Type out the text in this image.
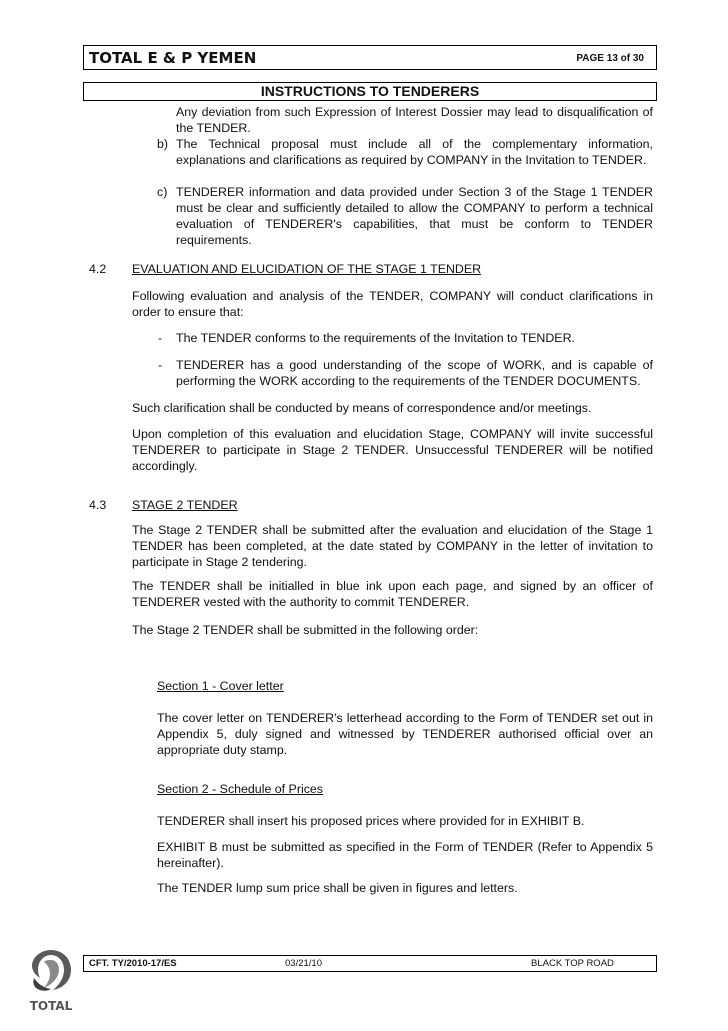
TOTAL E & P YEMEN	PAGE 13 of 30
INSTRUCTIONS TO TENDERERS
Any deviation from such Expression of Interest Dossier may lead to disqualification of the TENDER.
b) The Technical proposal must include all of the complementary information, explanations and clarifications as required by COMPANY in the Invitation to TENDER.
c) TENDERER information and data provided under Section 3 of the Stage 1 TENDER must be clear and sufficiently detailed to allow the COMPANY to perform a technical evaluation of TENDERER's capabilities, that must be conform to TENDER requirements.
4.2 EVALUATION AND ELUCIDATION OF THE STAGE 1 TENDER
Following evaluation and analysis of the TENDER, COMPANY will conduct clarifications in order to ensure that:
- The TENDER conforms to the requirements of the Invitation to TENDER.
- TENDERER has a good understanding of the scope of WORK, and is capable of performing the WORK according to the requirements of the TENDER DOCUMENTS.
Such clarification shall be conducted by means of correspondence and/or meetings.
Upon completion of this evaluation and elucidation Stage, COMPANY will invite successful TENDERER to participate in Stage 2 TENDER. Unsuccessful TENDERER will be notified accordingly.
4.3 STAGE 2 TENDER
The Stage 2 TENDER shall be submitted after the evaluation and elucidation of the Stage 1 TENDER has been completed, at the date stated by COMPANY in the letter of invitation to participate in Stage 2 tendering.
The TENDER shall be initialled in blue ink upon each page, and signed by an officer of TENDERER vested with the authority to commit TENDERER.
The Stage 2 TENDER shall be submitted in the following order:
Section 1 - Cover letter
The cover letter on TENDERER's letterhead according to the Form of TENDER set out in Appendix 5, duly signed and witnessed by TENDERER authorised official over an appropriate duty stamp.
Section 2 - Schedule of Prices
TENDERER shall insert his proposed prices where provided for in EXHIBIT B.
EXHIBIT B must be submitted as specified in the Form of TENDER (Refer to Appendix 5 hereinafter).
The TENDER lump sum price shall be given in figures and letters.
CFT. TY/2010-17/ES	03/21/10	BLACK TOP ROAD
TOTAL
